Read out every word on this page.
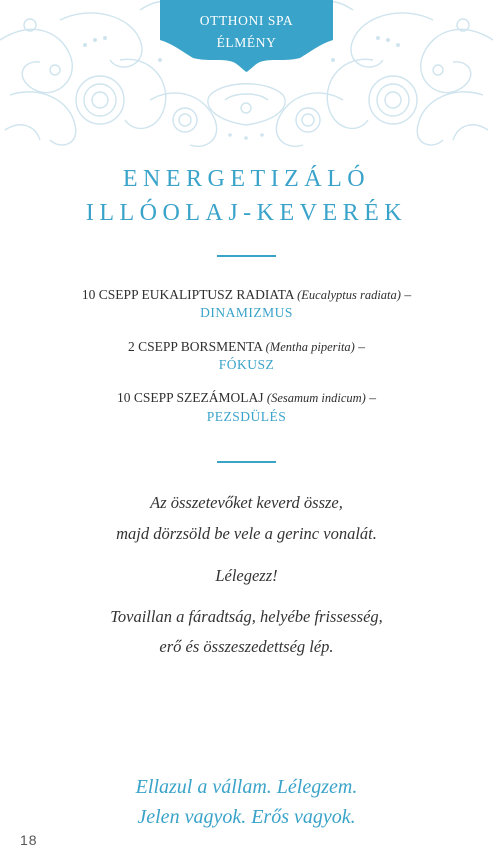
OTTHONI SPA
ÉLMÉNY
ENERGETIZÁLÓ
ILLÓOLAJ-KEVERÉK
10 CSEPP EUKALIPTUSZ RADIATA (Eucalyptus radiata) –
DINAMIZMUS
2 CSEPP BORSMENTA (Mentha piperita) –
FÓKUSZ
10 CSEPP SZEZÁMOLAJ (Sesamum indicum) –
PEZSDÜLÉS
Az összetevőket keverd össze,
majd dörzsöld be vele a gerinc vonalát.
Lélegezz!
Tovaillan a fáradtság, helyébe frissesség,
erő és összeszedettség lép.
Ellazul a vállam. Lélegzem.
Jelen vagyok. Erős vagyok.
18
